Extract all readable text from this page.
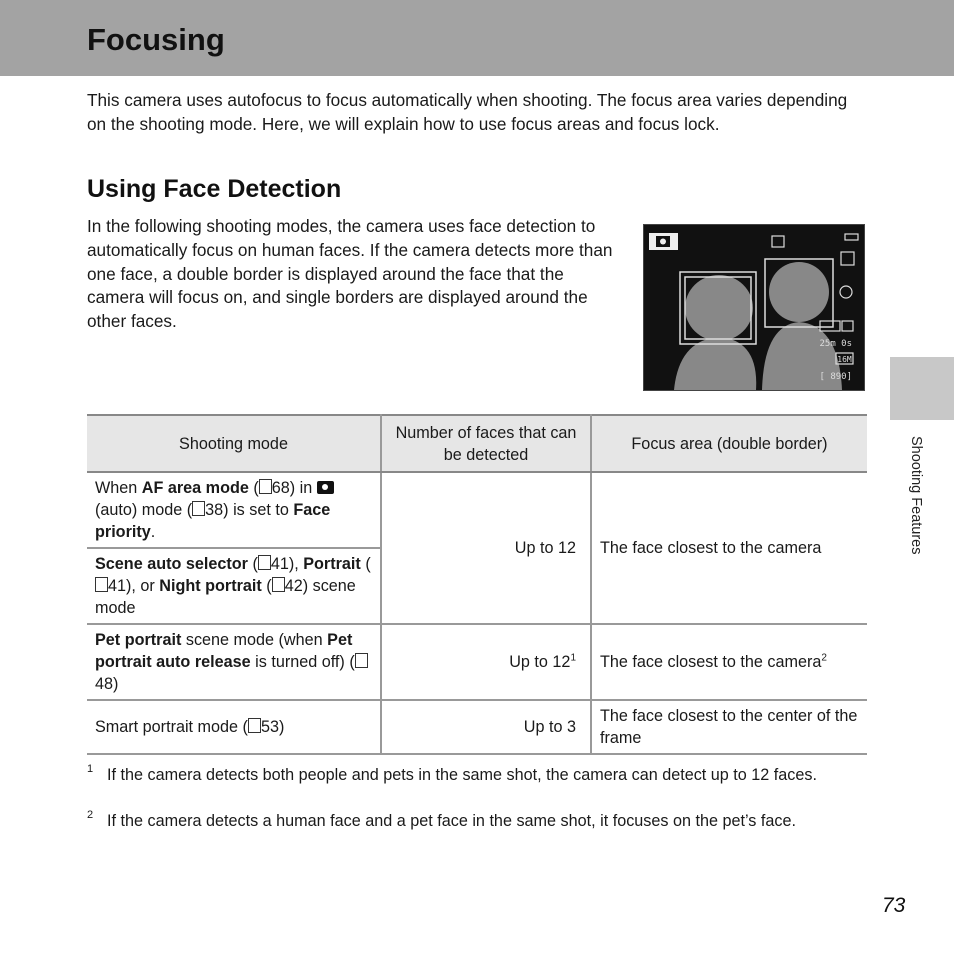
Focusing

This camera uses autofocus to focus automatically when shooting. The focus area varies depending on the shooting mode. Here, we will explain how to use focus areas and focus lock.

Using Face Detection

In the following shooting modes, the camera uses face detection to automatically focus on human faces. If the camera detects more than one face, a double border is displayed around the face that the camera will focus on, and single borders are displayed around the other faces.

25m 0s
16M
[ 890]
Shooting Features
Shooting mode	Number of faces that can be detected	Focus area (double border)
When AF area mode ( 68) in  (auto) mode ( 38) is set to Face priority.	Up to 12	The face closest to the camera
Scene auto selector ( 41), Portrait (41), or Night portrait ( 42) scene mode		
Pet portrait scene mode (when Pet portrait auto release is turned off) (48)	Up to $12^1$	The face closest to the camera$^2$
Smart portrait mode ( 53)	Up to 3	The face closest to the center of the frame
1 If the camera detects both people and pets in the same shot, the camera can detect up to 12 faces.
2 If the camera detects a human face and a pet face in the same shot, it focuses on the pet’s face.
73
